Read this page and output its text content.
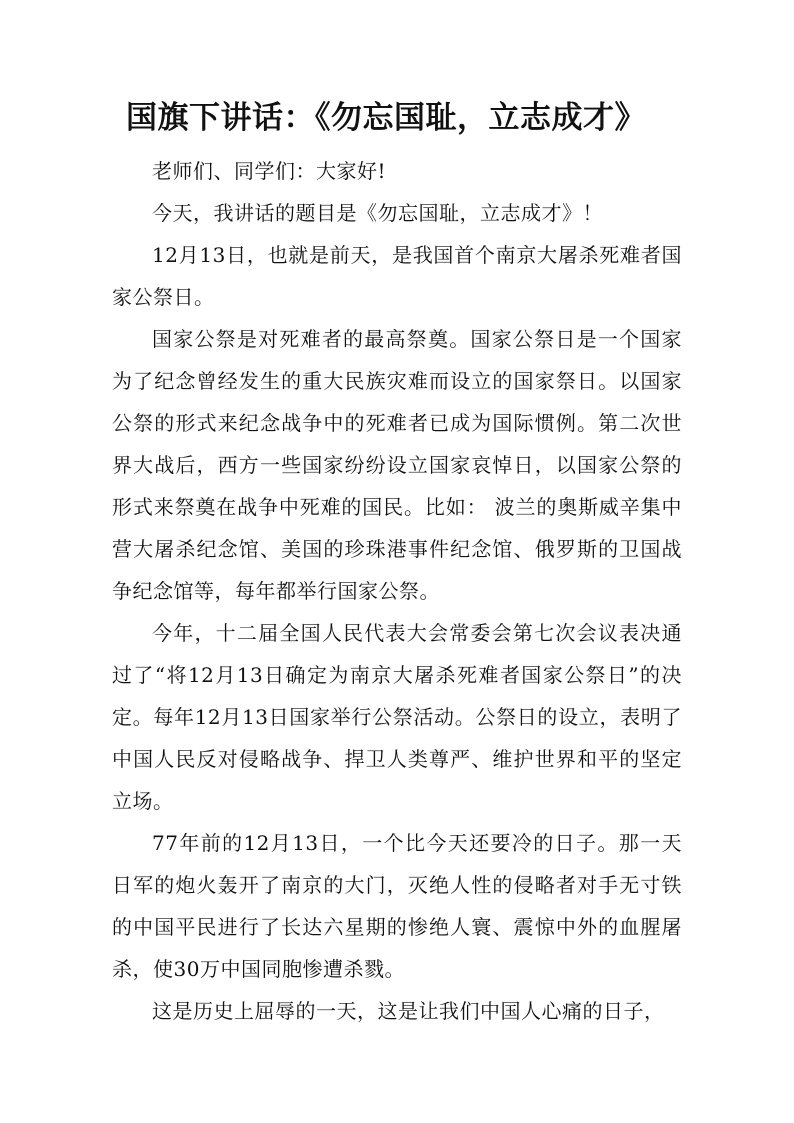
国旗下讲话：《勿忘国耻，立志成才》

老师们、同学们：大家好!

今天，我讲话的题目是《勿忘国耻，立志成才》！

12月13日，也就是前天，是我国首个南京大屠杀死难者国家公祭日。

国家公祭是对死难者的最高祭奠。国家公祭日是一个国家为了纪念曾经发生的重大民族灾难而设立的国家祭日。以国家公祭的形式来纪念战争中的死难者已成为国际惯例。第二次世界大战后，西方一些国家纷纷设立国家哀悼日，以国家公祭的形式来祭奠在战争中死难的国民。比如： 波兰的奥斯威辛集中营大屠杀纪念馆、美国的珍珠港事件纪念馆、俄罗斯的卫国战争纪念馆等，每年都举行国家公祭。

今年，十二届全国人民代表大会常委会第七次会议表决通过了“将12月13日确定为南京大屠杀死难者国家公祭日”的决定。每年12月13日国家举行公祭活动。公祭日的设立，表明了中国人民反对侵略战争、捍卫人类尊严、维护世界和平的坚定立场。

77年前的12月13日，一个比今天还要冷的日子。那一天日军的炮火轰开了南京的大门，灭绝人性的侵略者对手无寸铁的中国平民进行了长达六星期的惨绝人寰、震惊中外的血腥屠杀，使30万中国同胞惨遭杀戮。

这是历史上屈辱的一天，这是让我们中国人心痛的日子，
